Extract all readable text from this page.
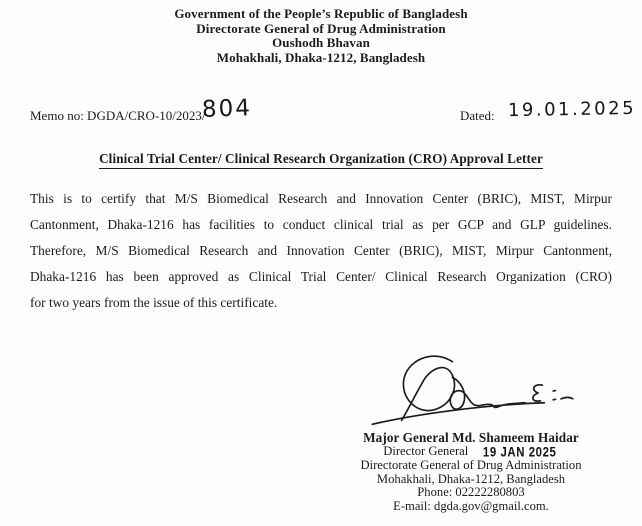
Government of the People’s Republic of Bangladesh
Directorate General of Drug Administration
Oushodh Bhavan
Mohakhali, Dhaka-1212, Bangladesh
Memo no: DGDA/CRO-10/2023/
804	Dated: 19.01.2025
Clinical Trial Center/ Clinical Research Organization (CRO) Approval Letter
This is to certify that M/S Biomedical Research and Innovation Center (BRIC), MIST, Mirpur
Cantonment, Dhaka-1216 has facilities to conduct clinical trial as per GCP and GLP guidelines.
Therefore, M/S Biomedical Research and Innovation Center (BRIC), MIST, Mirpur Cantonment,
Dhaka-1216 has been approved as Clinical Trial Center/ Clinical Research Organization (CRO)
for two years from the issue of this certificate.
Major General Md. Shameem Haidar
Director General 19 JAN 2025
Directorate General of Drug Administration
Mohakhali, Dhaka-1212, Bangladesh
Phone: 02222280803
E-mail: dgda.gov@gmail.com.
